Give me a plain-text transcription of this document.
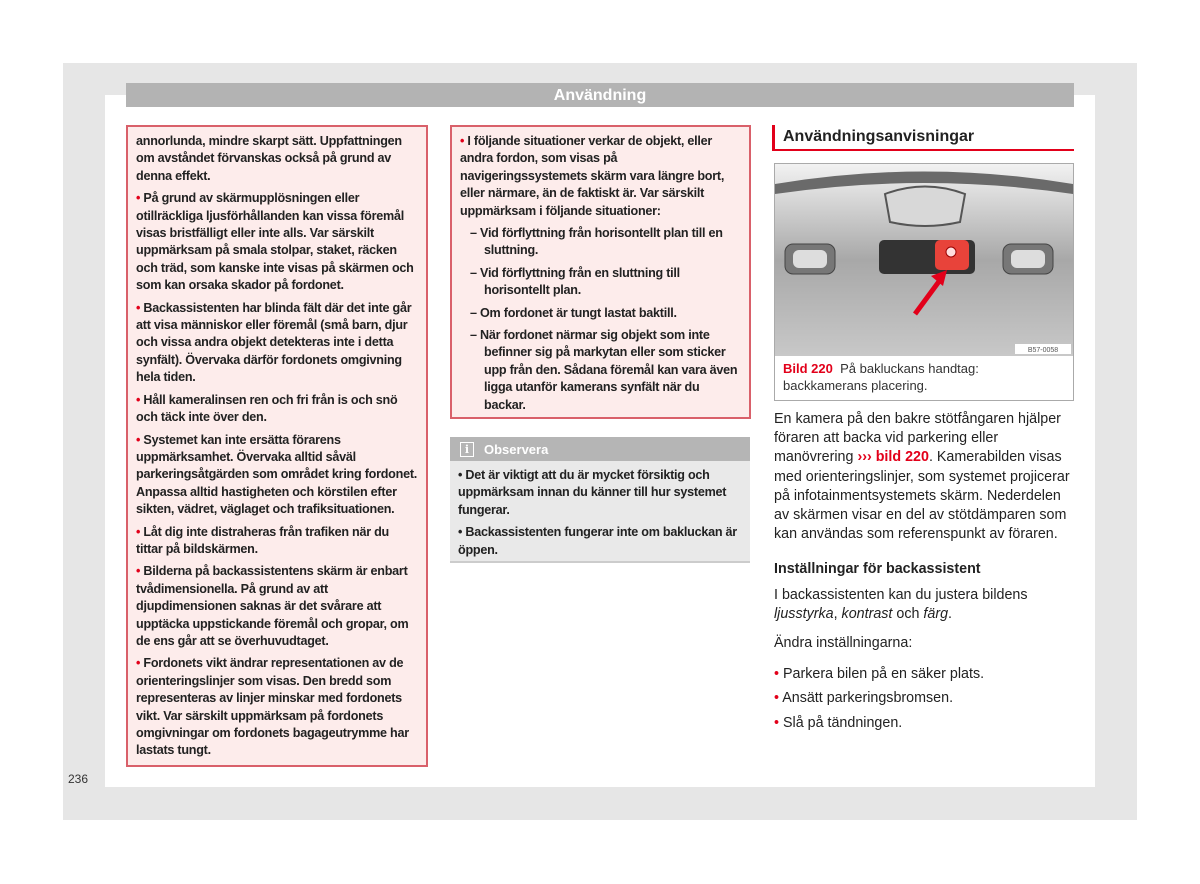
Användning

annorlunda, mindre skarpt sätt. Uppfattningen om avståndet förvanskas också på grund av denna effekt.

• På grund av skärmupplösningen eller otillräckliga ljusförhållanden kan vissa föremål visas bristfälligt eller inte alls. Var särskilt uppmärksam på smala stolpar, staket, räcken och träd, som kanske inte visas på skärmen och som kan orsaka skador på fordonet.

• Backassistenten har blinda fält där det inte går att visa människor eller föremål (små barn, djur och vissa andra objekt detekteras inte i detta synfält). Övervaka därför fordonets omgivning hela tiden.

• Håll kameralinsen ren och fri från is och snö och täck inte över den.

• Systemet kan inte ersätta förarens uppmärksamhet. Övervaka alltid såväl parkeringsåtgärden som området kring fordonet. Anpassa alltid hastigheten och körstilen efter sikten, vädret, väglaget och trafiksituationen.

• Låt dig inte distraheras från trafiken när du tittar på bildskärmen.

• Bilderna på backassistentens skärm är enbart tvådimensionella. På grund av att djupdimensionen saknas är det svårare att upptäcka uppstickande föremål och gropar, om de ens går att se överhuvudtaget.

• Fordonets vikt ändrar representationen av de orienteringslinjer som visas. Den bredd som representeras av linjer minskar med fordonets vikt. Var särskilt uppmärksam på fordonets omgivningar om fordonets bagageutrymme har lastats tungt.

• I följande situationer verkar de objekt, eller andra fordon, som visas på navigeringssystemets skärm vara längre bort, eller närmare, än de faktiskt är. Var särskilt uppmärksam i följande situationer:

– Vid förflyttning från horisontellt plan till en sluttning.

– Vid förflyttning från en sluttning till horisontellt plan.

– Om fordonet är tungt lastat baktill.

– När fordonet närmar sig objekt som inte befinner sig på markytan eller som sticker upp från den. Sådana föremål kan vara även ligga utanför kamerans synfält när du backar.

i	Observera

• Det är viktigt att du är mycket försiktig och uppmärksam innan du känner till hur systemet fungerar.

• Backassistenten fungerar inte om bakluckan är öppen.

Användningsanvisningar
B57-0058
Bild 220 På bakluckans handtag: backkamerans placering.

En kamera på den bakre stötfångaren hjälper föraren att backa vid parkering eller manövrering ››› bild 220. Kamerabilden visas med orienteringslinjer, som systemet projicerar på infotainmentsystemets skärm. Nederdelen av skärmen visar en del av stötdämparen som kan användas som referenspunkt av föraren.

Inställningar för backassistent

I backassistenten kan du justera bildens ljusstyrka, kontrast och färg.

Ändra inställningarna:

• Parkera bilen på en säker plats.
• Ansätt parkeringsbromsen.
• Slå på tändningen.
236
